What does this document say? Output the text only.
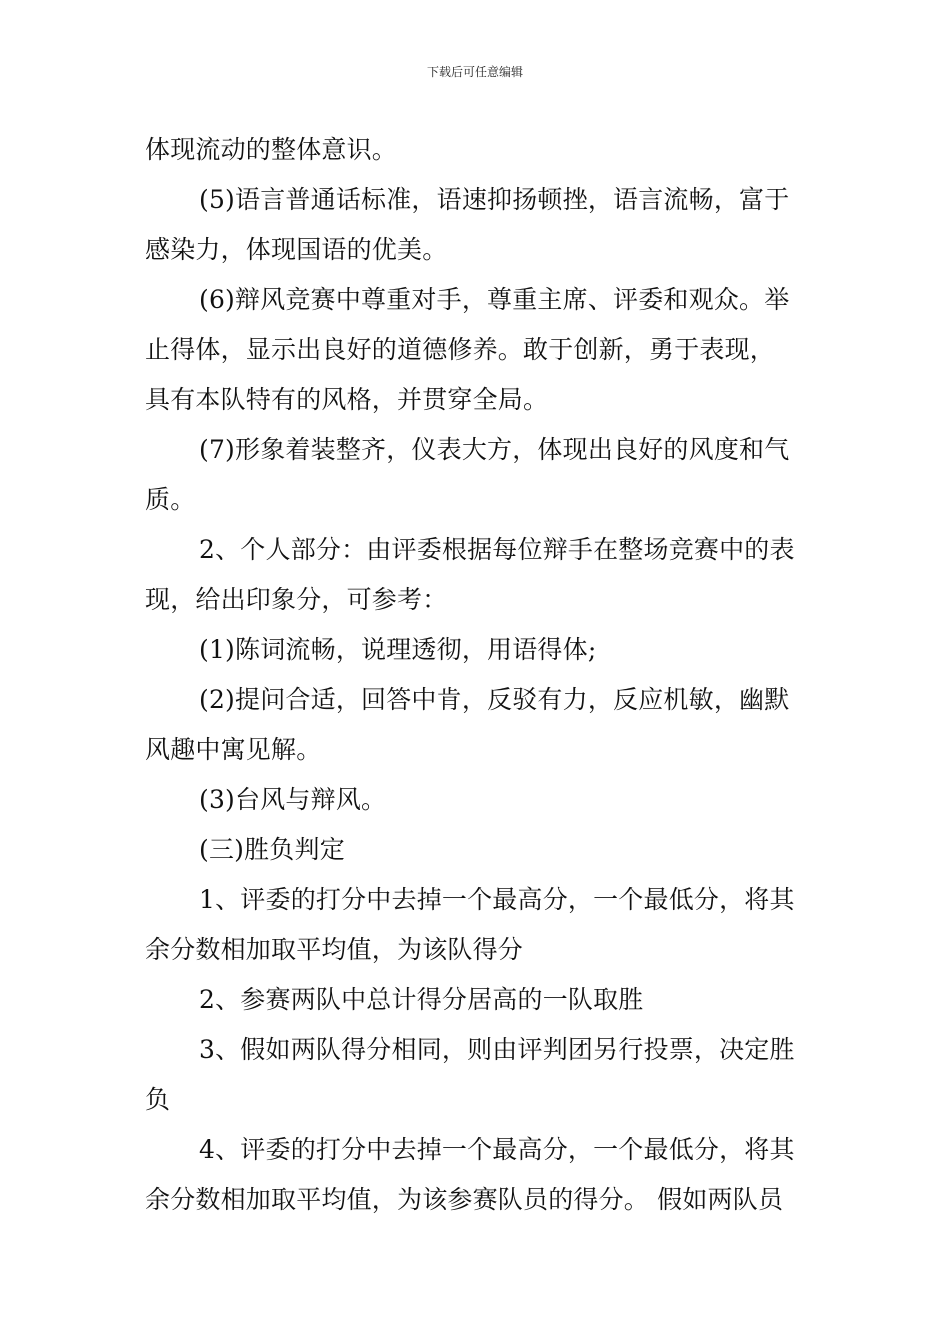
下载后可任意编辑
体现流动的整体意识。
(5)语言普通话标准，语速抑扬顿挫，语言流畅，富于
感染力，体现国语的优美。
(6)辩风竞赛中尊重对手，尊重主席、评委和观众。举
止得体，显示出良好的道德修养。敢于创新，勇于表现，
具有本队特有的风格，并贯穿全局。
(7)形象着装整齐，仪表大方，体现出良好的风度和气
质。
2、个人部分：由评委根据每位辩手在整场竞赛中的表
现，给出印象分，可参考：
(1)陈词流畅，说理透彻，用语得体;
(2)提问合适，回答中肯，反驳有力，反应机敏，幽默
风趣中寓见解。
(3)台风与辩风。
(三)胜负判定
1、评委的打分中去掉一个最高分，一个最低分，将其
余分数相加取平均值，为该队得分
2、参赛两队中总计得分居高的一队取胜
3、假如两队得分相同，则由评判团另行投票，决定胜
负
4、评委的打分中去掉一个最高分，一个最低分，将其
余分数相加取平均值，为该参赛队员的得分。 假如两队员
